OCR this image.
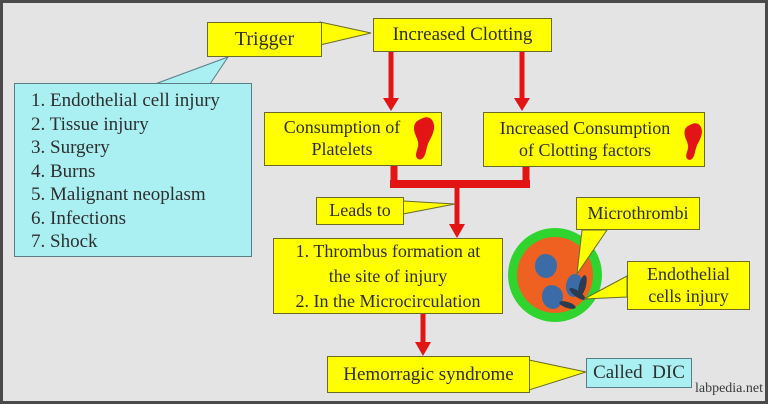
Trigger	Increased Clotting
Consumption of
Platelets
Increased Consumption
of Clotting factors
1. Endothelial cell injury
2. Tissue injury
3. Surgery
4. Burns
5. Malignant neoplasm
6. Infections
7. Shock
Leads to
1. Thrombus formation at
the site of injury
2. In the Microcirculation
Microthrombi
Endothelial
cells injury
Hemorragic syndrome	Called  DIC
labpedia.net
